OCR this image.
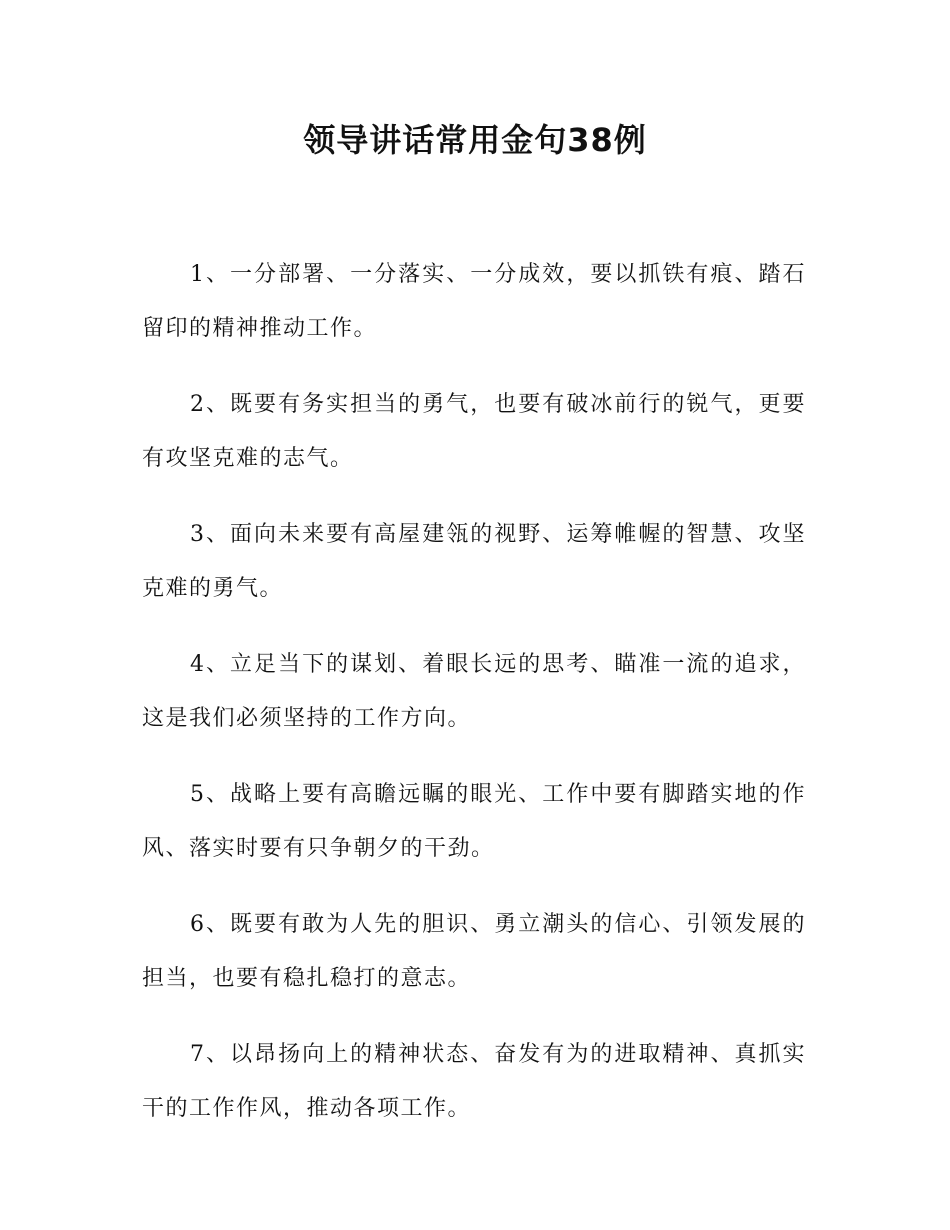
领导讲话常用金句38例

1、一分部署、一分落实、一分成效，要以抓铁有痕、踏石留印的精神推动工作。

2、既要有务实担当的勇气，也要有破冰前行的锐气，更要有攻坚克难的志气。

3、面向未来要有高屋建瓴的视野、运筹帷幄的智慧、攻坚克难的勇气。

4、立足当下的谋划、着眼长远的思考、瞄准一流的追求，这是我们必须坚持的工作方向。

5、战略上要有高瞻远瞩的眼光、工作中要有脚踏实地的作风、落实时要有只争朝夕的干劲。

6、既要有敢为人先的胆识、勇立潮头的信心、引领发展的担当，也要有稳扎稳打的意志。

7、以昂扬向上的精神状态、奋发有为的进取精神、真抓实干的工作作风，推动各项工作。
